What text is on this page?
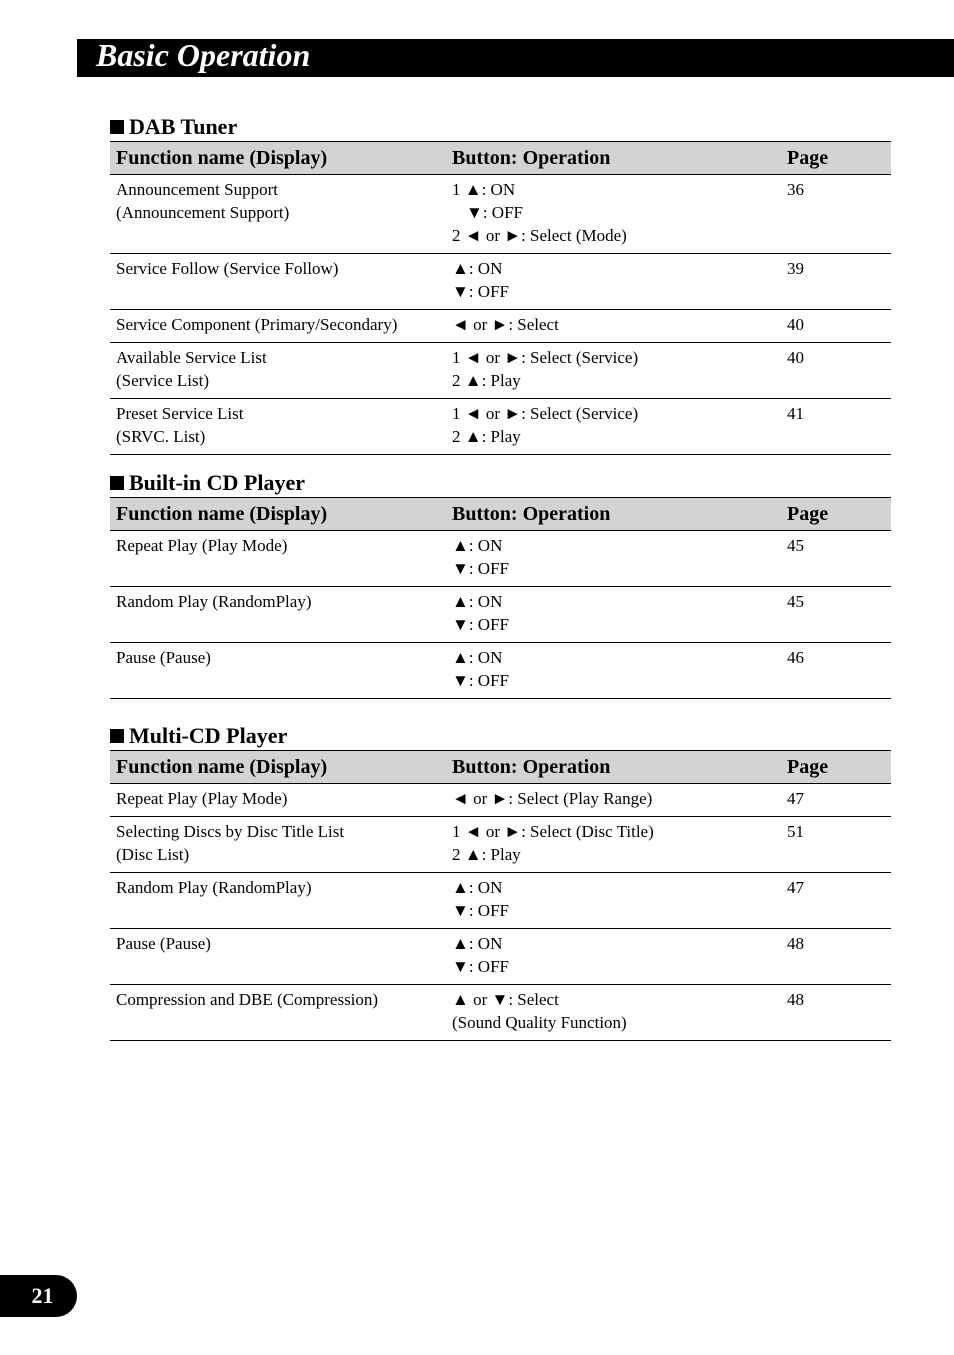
Basic Operation
DAB Tuner
Function name (Display)	Button: Operation	Page

Announcement Support
(Announcement Support)	1 ▲: ON
▼: OFF
2 ◄ or ►: Select (Mode)	36

Service Follow (Service Follow)	▲: ON
▼: OFF	39

Service Component (Primary/Secondary)	◄ or ►: Select	40

Available Service List
(Service List)	1 ◄ or ►: Select (Service)
2 ▲: Play	40

Preset Service List
(SRVC. List)	1 ◄ or ►: Select (Service)
2 ▲: Play	41
Built-in CD Player
Function name (Display)	Button: Operation	Page

Repeat Play (Play Mode)	▲: ON
▼: OFF	45

Random Play (RandomPlay)	▲: ON
▼: OFF	45

Pause (Pause)	▲: ON
▼: OFF	46
Multi-CD Player
Function name (Display)	Button: Operation	Page

Repeat Play (Play Mode)	◄ or ►: Select (Play Range)	47

Selecting Discs by Disc Title List
(Disc List)	1 ◄ or ►: Select (Disc Title)
2 ▲: Play	51

Random Play (RandomPlay)	▲: ON
▼: OFF	47

Pause (Pause)	▲: ON
▼: OFF	48

Compression and DBE (Compression)	▲ or ▼: Select
(Sound Quality Function)	48
21
